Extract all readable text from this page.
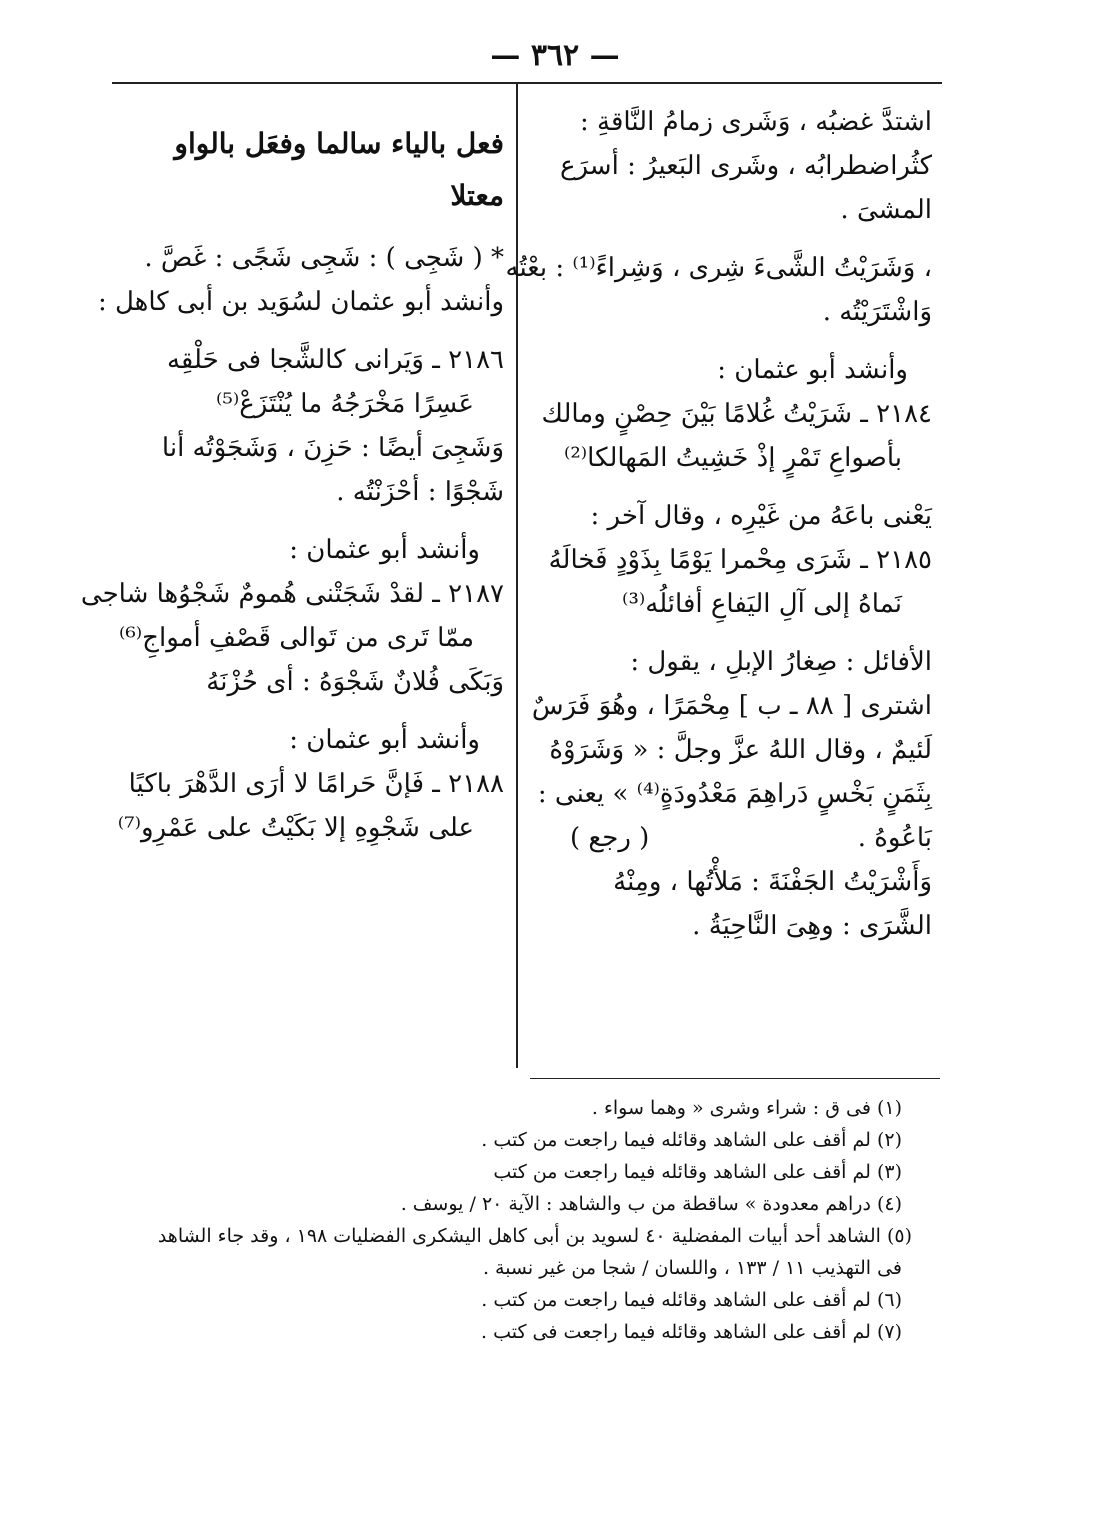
— ٣٦٢ —
اشتدَّ غضبُه ، وَشَرى زمامُ النَّاقةِ :
كثُراضطرابُه ، وشَرى البَعيرُ : أسرَع
المشىَ .
، وَشَرَيْتُ الشَّىءَ شِرى ، وَشِراءً⁽¹⁾ : بعْتُه
وَاشْتَرَيْتُه .
وأنشد أبو عثمان :
٢١٨٤ ـ شَرَيْتُ غُلامًا بَيْنَ حِصْنٍ ومالك
بأصواعِ تَمْرٍ إذْ خَشِيتُ المَهالكا⁽²⁾
يَعْنى باعَهُ من غَيْرِه ، وقال آخر :
٢١٨٥ ـ شَرَى مِحْمرا يَوْمًا بِذَوْدٍ فَخالَهُ
نَماهُ إلى آلِ اليَفاعِ أفائلُه⁽³⁾
الأفائل : صِغارُ الإبلِ ، يقول :
اشترى [ ٨٨ ـ ب ] مِحْمَرًا ، وهُوَ فَرَسٌ
لَئيمٌ ، وقال اللهُ عزَّ وجلَّ : « وَشَرَوْهُ
بِثَمَنٍ بَخْسٍ دَراهِمَ مَعْدُودَةٍ⁽⁴⁾ » يعنى :
بَاعُوهُ .
( رجع )
وَأَشْرَيْتُ الجَفْنَةَ : مَلأْتُها ، ومِنْهُ
الشَّرَى : وهِىَ النَّاحِيَةُ .
فعل بالياء سالما وفعَل بالواو
معتلا
* ( شَجِى ) : شَجِى شَجًى : غَصَّ .
وأنشد أبو عثمان لسُوَيد بن أبى كاهل :
٢١٨٦ ـ وَيَرانى كالشَّجا فى حَلْقِه
عَسِرًا مَخْرَجُهُ ما يُنْتَزَعْ⁽⁵⁾
وَشَجِىَ أيضًا : حَزِنَ ، وَشَجَوْتُه أنا
شَجْوًا : أحْزَنْتُه .
وأنشد أبو عثمان :
٢١٨٧ ـ لقدْ شَجَتْنى هُمومٌ شَجْوُها شاجى
ممّا تَرى من تَوالى قَصْفِ أمواجِ⁽⁶⁾
وَبَكَى فُلانٌ شَجْوَهُ : أى حُزْنَهُ
وأنشد أبو عثمان :
٢١٨٨ ـ فَإنَّ حَرامًا لا أرَى الدَّهْرَ باكيًا
على شَجْوِهِ إلا بَكَيْتُ على عَمْرِو⁽⁷⁾
(١) فى ق : شراء وشرى « وهما سواء .
(٢) لم أقف على الشاهد وقائله فيما راجعت من كتب .
(٣) لم أقف على الشاهد وقائله فيما راجعت من كتب
(٤) دراهم معدودة » ساقطة من ب والشاهد : الآية ٢٠ / يوسف .
(٥) الشاهد أحد أبيات المفضلية ٤٠ لسويد بن أبى كاهل اليشكرى الفضليات ١٩٨ ، وقد جاء الشاهد
فى التهذيب ١١ / ١٣٣ ، واللسان / شجا من غير نسبة .
(٦) لم أقف على الشاهد وقائله فيما راجعت من كتب .
(٧) لم أقف على الشاهد وقائله فيما راجعت فى كتب .
